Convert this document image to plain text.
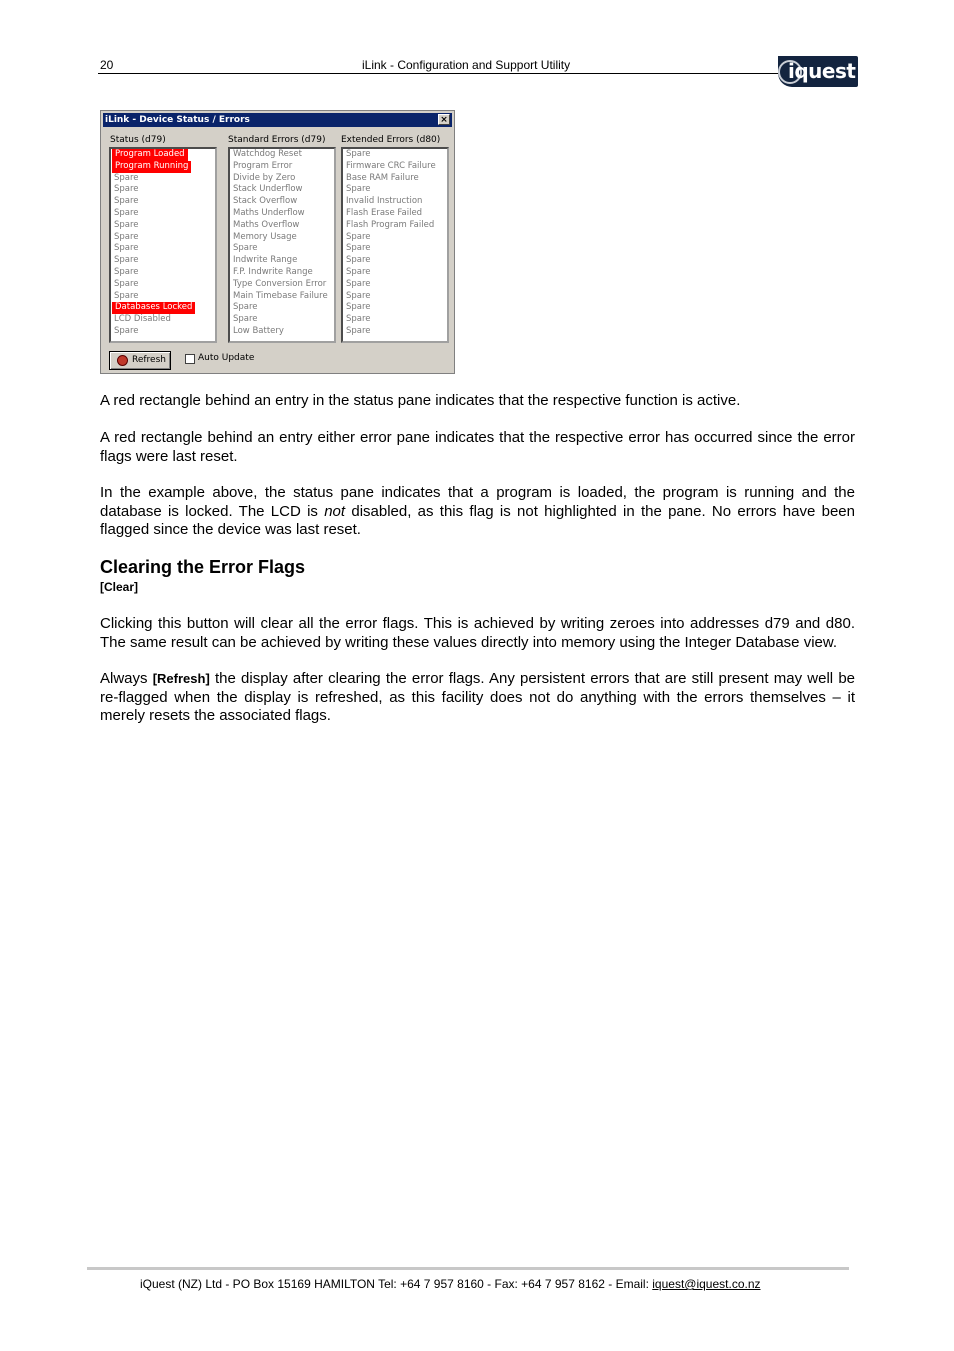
20	iLink - Configuration and Support Utility	iquest
iLink - Device Status / Errors	×
Status (d79)	Standard Errors (d79) Extended Errors (d80)
Program Loaded
Program Running
Spare
Spare
Spare
Spare
Spare
Spare
Spare
Spare
Spare
Spare
Spare
Databases Locked
LCD Disabled
Spare
Watchdog Reset
Program Error
Divide by Zero
Stack Underflow
Stack Overflow
Maths Underflow
Maths Overflow
Memory Usage
Spare
Indwrite Range
F.P. Indwrite Range
Type Conversion Error
Main Timebase Failure
Spare
Spare
Low Battery
Spare
Firmware CRC Failure
Base RAM Failure
Spare
Invalid Instruction
Flash Erase Failed
Flash Program Failed
Spare
Spare
Spare
Spare
Spare
Spare
Spare
Spare
Spare
Refresh	Auto Update
A red rectangle behind an entry in the status pane indicates that the respective function is active.
A red rectangle behind an entry either error pane indicates that the respective error has occurred since the error flags were last reset.
In the example above, the status pane indicates that a program is loaded, the program is running and the database is locked. The LCD is not disabled, as this flag is not highlighted in the pane. No errors have been flagged since the device was last reset.
Clearing the Error Flags
[Clear]
Clicking this button will clear all the error flags. This is achieved by writing zeroes into addresses d79 and d80. The same result can be achieved by writing these values directly into memory using the Integer Database view.
Always [Refresh] the display after clearing the error flags. Any persistent errors that are still present may well be re-flagged when the display is refreshed, as this facility does not do anything with the errors themselves – it merely resets the associated flags.
iQuest (NZ) Ltd - PO Box 15169 HAMILTON Tel: +64 7 957 8160 - Fax: +64 7 957 8162 - Email: iquest@iquest.co.nz
